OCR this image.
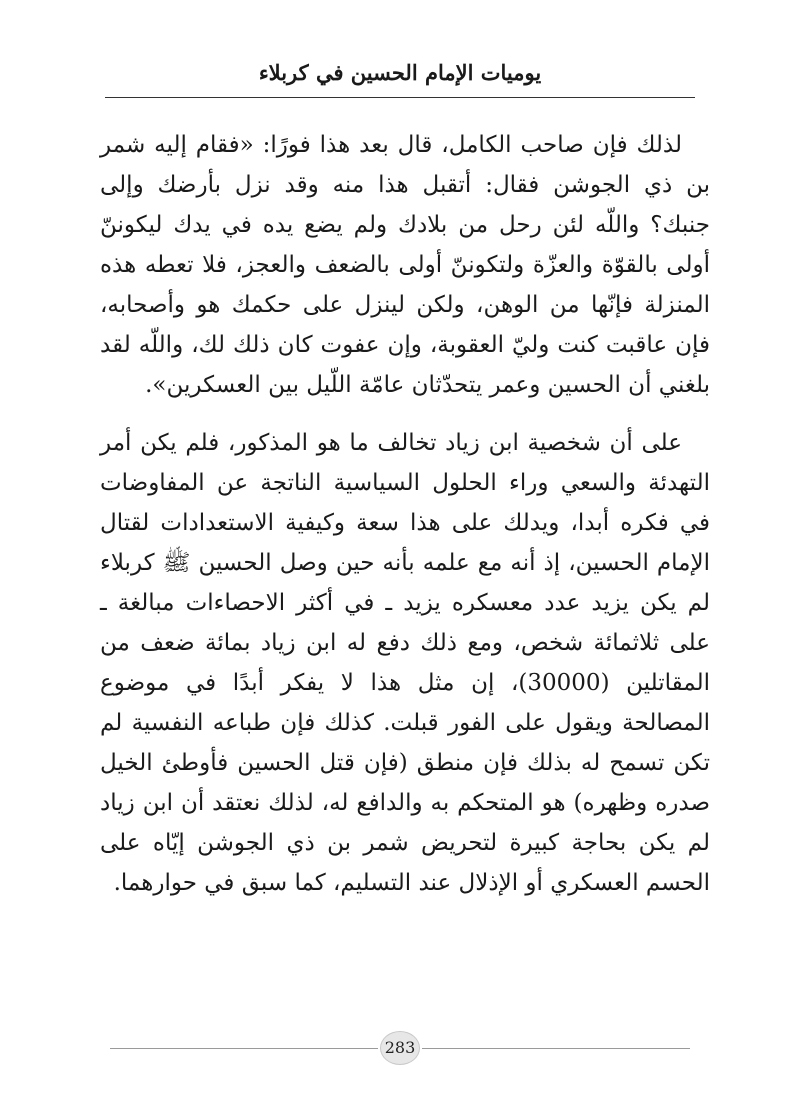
يوميات الإمام الحسين في كربلاء

لذلك فإن صاحب الكامل، قال بعد هذا فورًا: «فقام إليه شمر بن ذي الجوشن فقال: أتقبل هذا منه وقد نزل بأرضك وإلى جنبك؟ واللّه لئن رحل من بلادك ولم يضع يده في يدك ليكوننّ أولى بالقوّة والعزّة ولتكوننّ أولى بالضعف والعجز، فلا تعطه هذه المنزلة فإنّها من الوهن، ولكن لينزل على حكمك هو وأصحابه، فإن عاقبت كنت وليّ العقوبة، وإن عفوت كان ذلك لك، واللّه لقد بلغني أن الحسين وعمر يتحدّثان عامّة اللّيل بين العسكرين».

على أن شخصية ابن زياد تخالف ما هو المذكور، فلم يكن أمر التهدئة والسعي وراء الحلول السياسية الناتجة عن المفاوضات في فكره أبدا، ويدلك على هذا سعة وكيفية الاستعدادات لقتال الإمام الحسين، إذ أنه مع علمه بأنه حين وصل الحسين ﷺ كربلاء لم يكن يزيد عدد معسكره يزيد ـ في أكثر الاحصاءات مبالغة ـ على ثلاثمائة شخص، ومع ذلك دفع له ابن زياد بمائة ضعف من المقاتلين (30000)، إن مثل هذا لا يفكر أبدًا في موضوع المصالحة ويقول على الفور قبلت. كذلك فإن طباعه النفسية لم تكن تسمح له بذلك فإن منطق (فإن قتل الحسين فأوطئ الخيل صدره وظهره) هو المتحكم به والدافع له، لذلك نعتقد أن ابن زياد لم يكن بحاجة كبيرة لتحريض شمر بن ذي الجوشن إيّاه على الحسم العسكري أو الإذلال عند التسليم، كما سبق في حوارهما.

283
